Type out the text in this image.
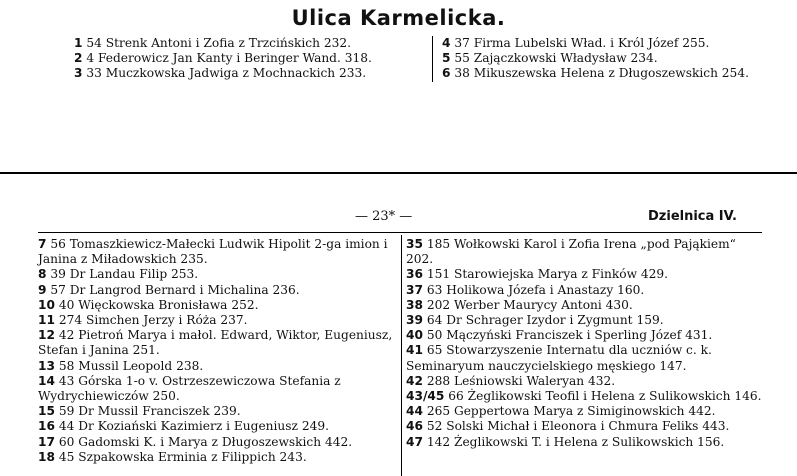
Ulica Karmelicka.
1 54 Strenk Antoni i Zofia z Trzcińskich 232.
2 4 Federowicz Jan Kanty i Beringer Wand. 318.
3 33 Muczkowska Jadwiga z Mochnackich 233.
4 37 Firma Lubelski Wład. i Król Józef 255.
5 55 Zajączkowski Władysław 234.
6 38 Mikuszewska Helena z Długoszewskich 254.
— 23* —	Dzielnica IV.
7 56 Tomaszkiewicz-Małecki Ludwik Hipolit 2-ga imion i Janina z Miładowskich 235.
8 39 Dr Landau Filip 253.
9 57 Dr Langrod Bernard i Michalina 236.
10 40 Więckowska Bronisława 252.
11 274 Simchen Jerzy i Róża 237.
12 42 Pietroń Marya i małol. Edward, Wiktor, Eugeniusz, Stefan i Janina 251.
13 58 Mussil Leopold 238.
14 43 Górska 1-o v. Ostrzeszewiczowa Stefania z Wydrychiewiczów 250.
15 59 Dr Mussil Franciszek 239.
16 44 Dr Koziański Kazimierz i Eugeniusz 249.
17 60 Gadomski K. i Marya z Długoszewskich 442.
18 45 Szpakowska Erminia z Filippich 243.
35 185 Wołkowski Karol i Zofia Irena „pod Pająkiem“ 202.
36 151 Starowiejska Marya z Finków 429.
37 63 Holikowa Józefa i Anastazy 160.
38 202 Werber Maurycy Antoni 430.
39 64 Dr Schrager Izydor i Zygmunt 159.
40 50 Mączyński Franciszek i Sperling Józef 431.
41 65 Stowarzyszenie Internatu dla uczniów c. k. Seminaryum nauczycielskiego męskiego 147.
42 288 Leśniowski Waleryan 432.
43/45 66 Żeglikowski Teofil i Helena z Sulikowskich 146.
44 265 Geppertowa Marya z Simiginowskich 442.
46 52 Solski Michał i Eleonora i Chmura Feliks 443.
47 142 Żeglikowski T. i Helena z Sulikowskich 156.
